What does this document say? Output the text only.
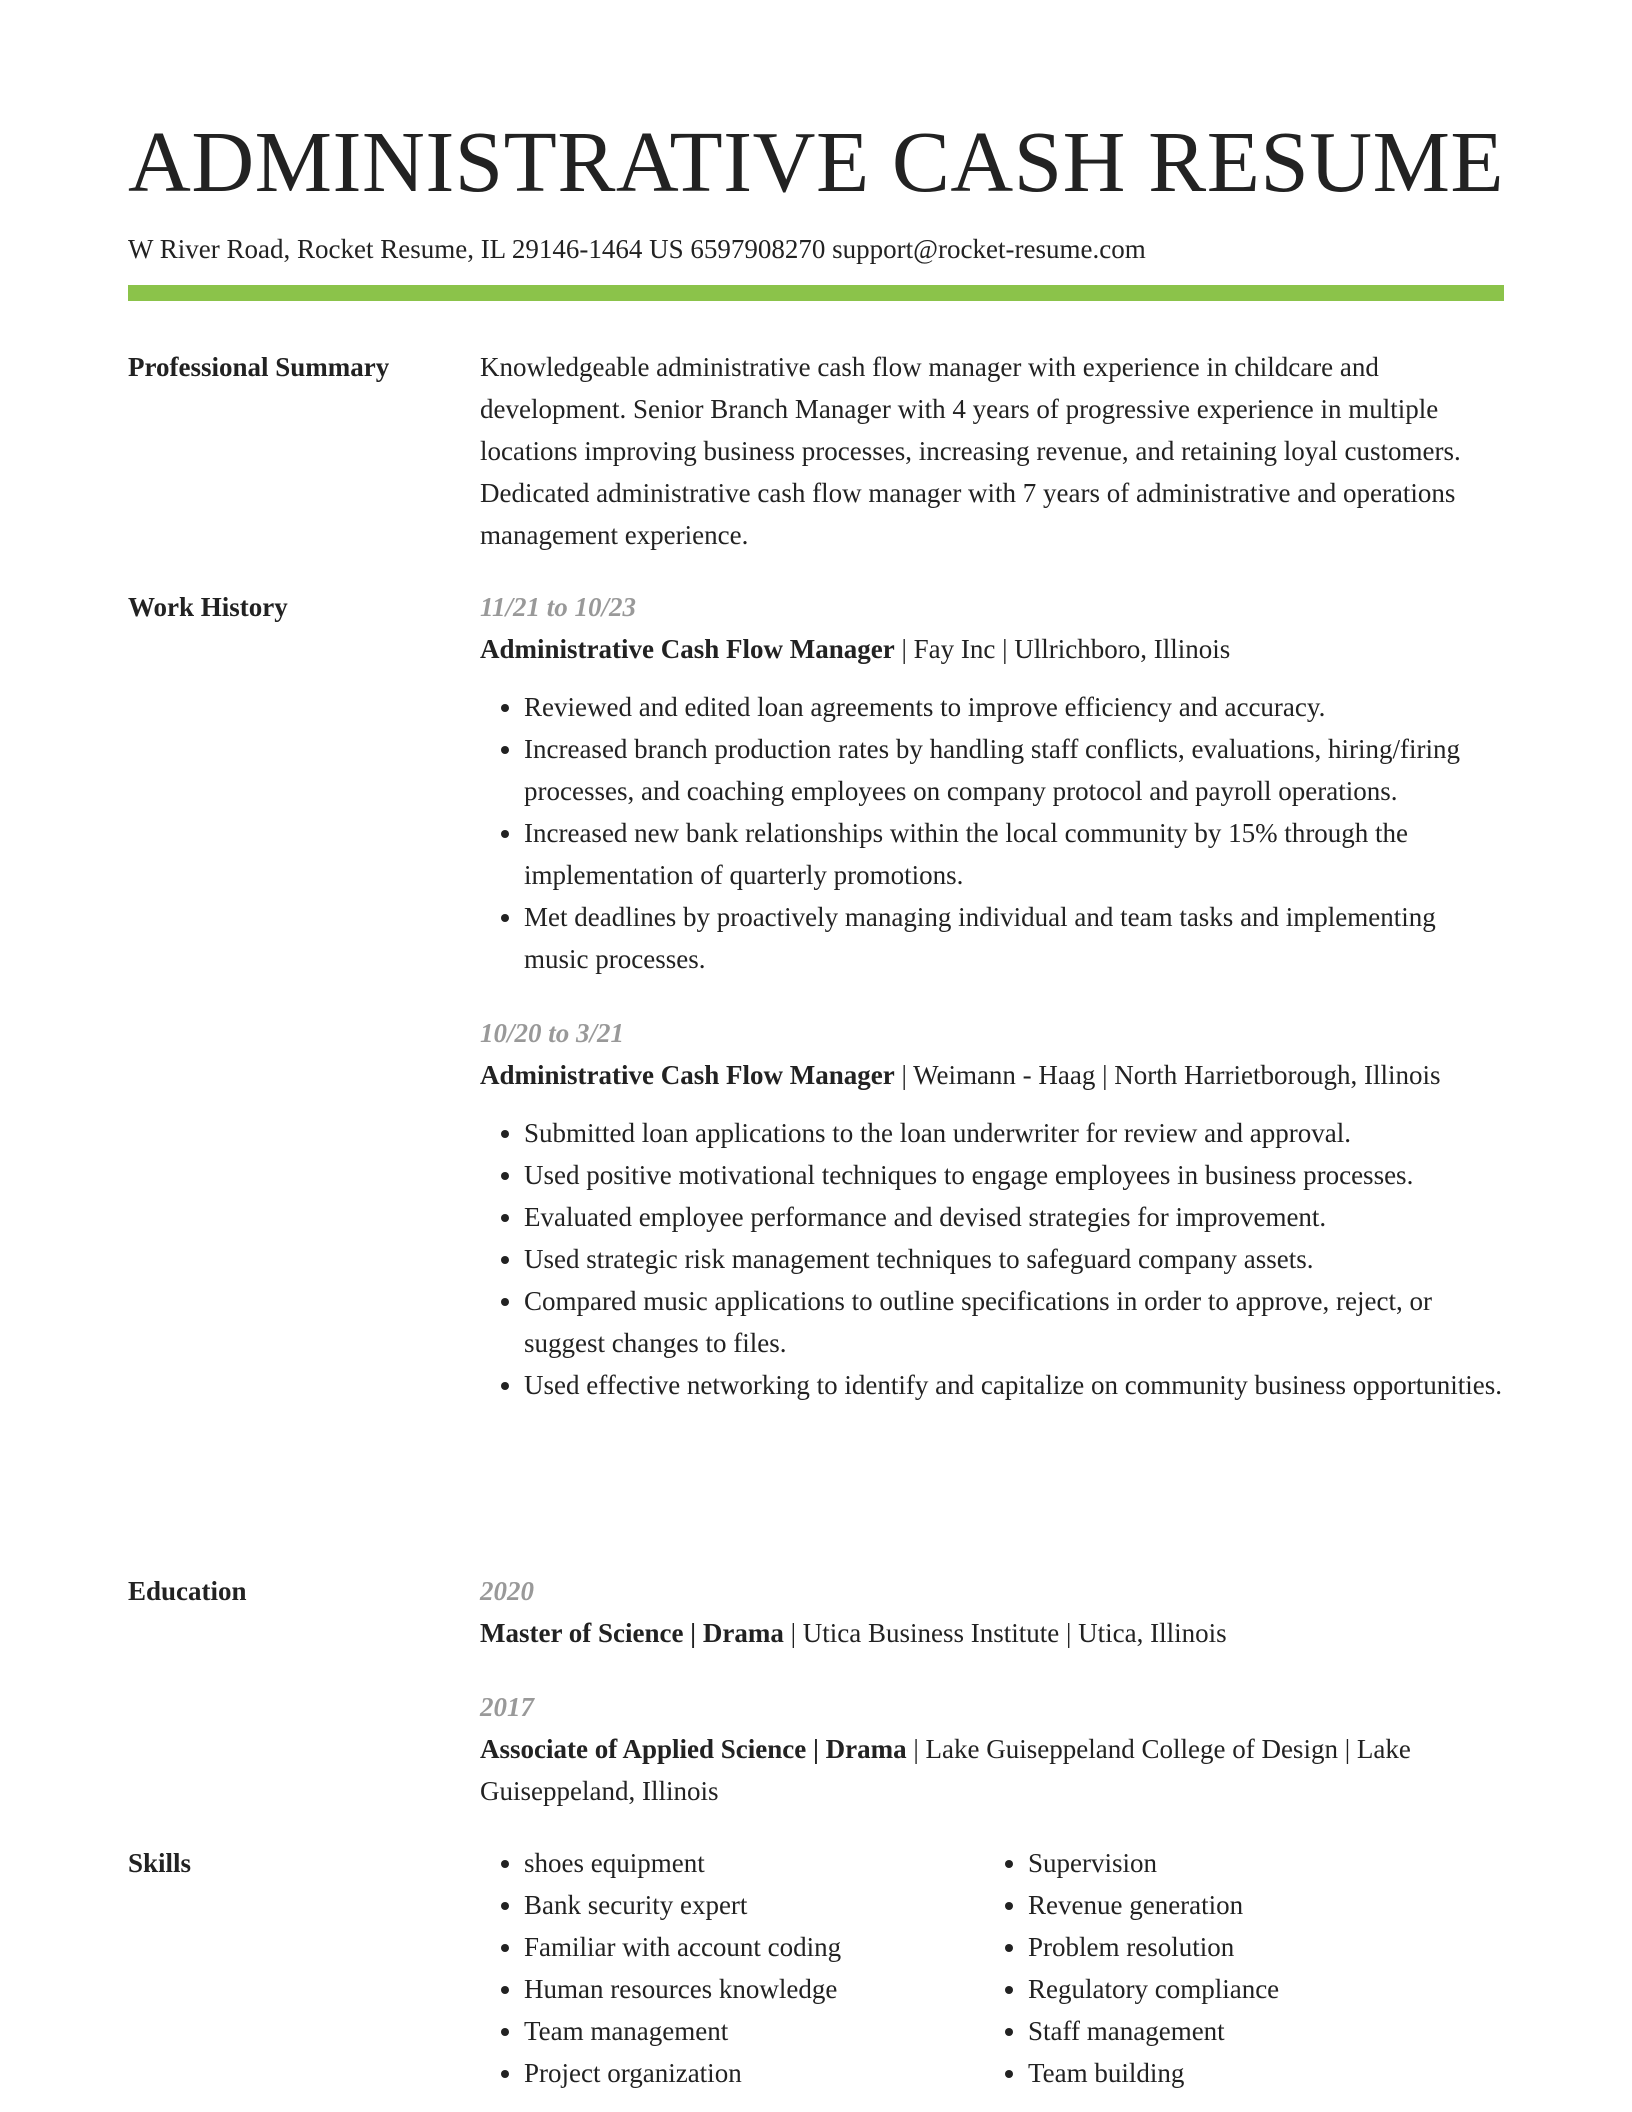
ADMINISTRATIVE CASH RESUME
W River Road, Rocket Resume, IL 29146-1464 US 6597908270 support@rocket-resume.com
Professional Summary	Knowledgeable administrative cash flow manager with experience in childcare and development. Senior Branch Manager with 4 years of progressive experience in multiple locations improving business processes, increasing revenue, and retaining loyal customers. Dedicated administrative cash flow manager with 7 years of administrative and operations management experience.

Work History	11/21 to 10/23
Administrative Cash Flow Manager | Fay Inc | Ullrichboro, Illinois
• Reviewed and edited loan agreements to improve efficiency and accuracy.
• Increased branch production rates by handling staff conflicts, evaluations, hiring/firing processes, and coaching employees on company protocol and payroll operations.
• Increased new bank relationships within the local community by 15% through the implementation of quarterly promotions.
• Met deadlines by proactively managing individual and team tasks and implementing music processes.
10/20 to 3/21
Administrative Cash Flow Manager | Weimann - Haag | North Harrietborough, Illinois
• Submitted loan applications to the loan underwriter for review and approval.
• Used positive motivational techniques to engage employees in business processes.
• Evaluated employee performance and devised strategies for improvement.
• Used strategic risk management techniques to safeguard company assets.
• Compared music applications to outline specifications in order to approve, reject, or suggest changes to files.
• Used effective networking to identify and capitalize on community business opportunities.
Education	2020
Master of Science | Drama | Utica Business Institute | Utica, Illinois
2017
Associate of Applied Science | Drama | Lake Guiseppeland College of Design | Lake Guiseppeland, Illinois
Skills
•	shoes equipment
• Bank security expert
• Familiar with account coding
• Human resources knowledge
• Team management
• Project organization
• Supervision
• Revenue generation
• Problem resolution
• Regulatory compliance
• Staff management
• Team building
